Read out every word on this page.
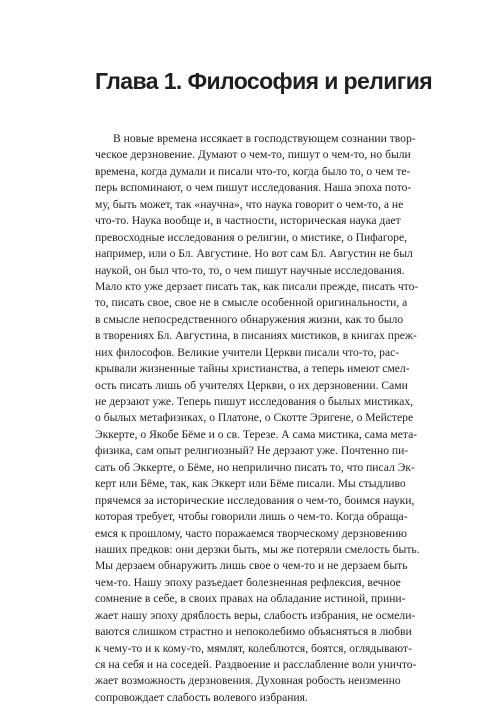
Глава 1. Философия и религия
В новые времена иссякает в господствующем сознании твор-
ческое дерзновение. Думают о чем-то, пишут о чем-то, но были
времена, когда думали и писали что-то, когда было то, о чем те-
перь вспоминают, о чем пишут исследования. Наша эпоха пото-
му, быть может, так «научна», что наука говорит о чем-то, а не
что-то. Наука вообще и, в частности, историческая наука дает
превосходные исследования о религии, о мистике, о Пифагоре,
например, или о Бл. Августине. Но вот сам Бл. Августин не был
наукой, он был что-то, то, о чем пишут научные исследования.
Мало кто уже дерзает писать так, как писали прежде, писать что-
то, писать свое, свое не в смысле особенной оригинальности, а
в смысле непосредственного обнаружения жизни, как то было
в творениях Бл. Августина, в писаниях мистиков, в книгах преж-
них философов. Великие учители Церкви писали что-то, рас-
крывали жизненные тайны христианства, а теперь имеют смел-
ость писать лишь об учителях Церкви, о их дерзновении. Сами
не дерзают уже. Теперь пишут исследования о былых мистиках,
о былых метафизиках, о Платоне, о Скотте Эригене, о Мейстере
Эккерте, о Якобе Бёме и о св. Терезе. А сама мистика, сама мета-
физика, сам опыт религиозный? Не дерзают уже. Почтенно пи-
сать об Эккерте, о Бёме, но неприлично писать то, что писал Эк-
керт или Бёме, так, как Эккерт или Бёме писали. Мы стыдливо
прячемся за исторические исследования о чем-то, боимся науки,
которая требует, чтобы говорили лишь о чем-то. Когда обраща-
емся к прошлому, часто поражаемся творческому дерзновению
наших предков: они дерзки быть, мы же потеряли смелость быть.
Мы дерзаем обнаружить лишь свое о чем-то и не дерзаем быть
чем-то. Нашу эпоху разъедает болезненная рефлексия, вечное
сомнение в себе, в своих правах на обладание истиной, прини-
жает нашу эпоху дряблость веры, слабость избрания, не осмели-
ваются слишком страстно и непоколебимо объясняться в любви
к чему-то и к кому-то, мямлят, колеблются, боятся, оглядывают-
ся на себя и на соседей. Раздвоение и расслабление воли уничто-
жает возможность дерзновения. Духовная робость неизменно
сопровождает слабость волевого избрания.
